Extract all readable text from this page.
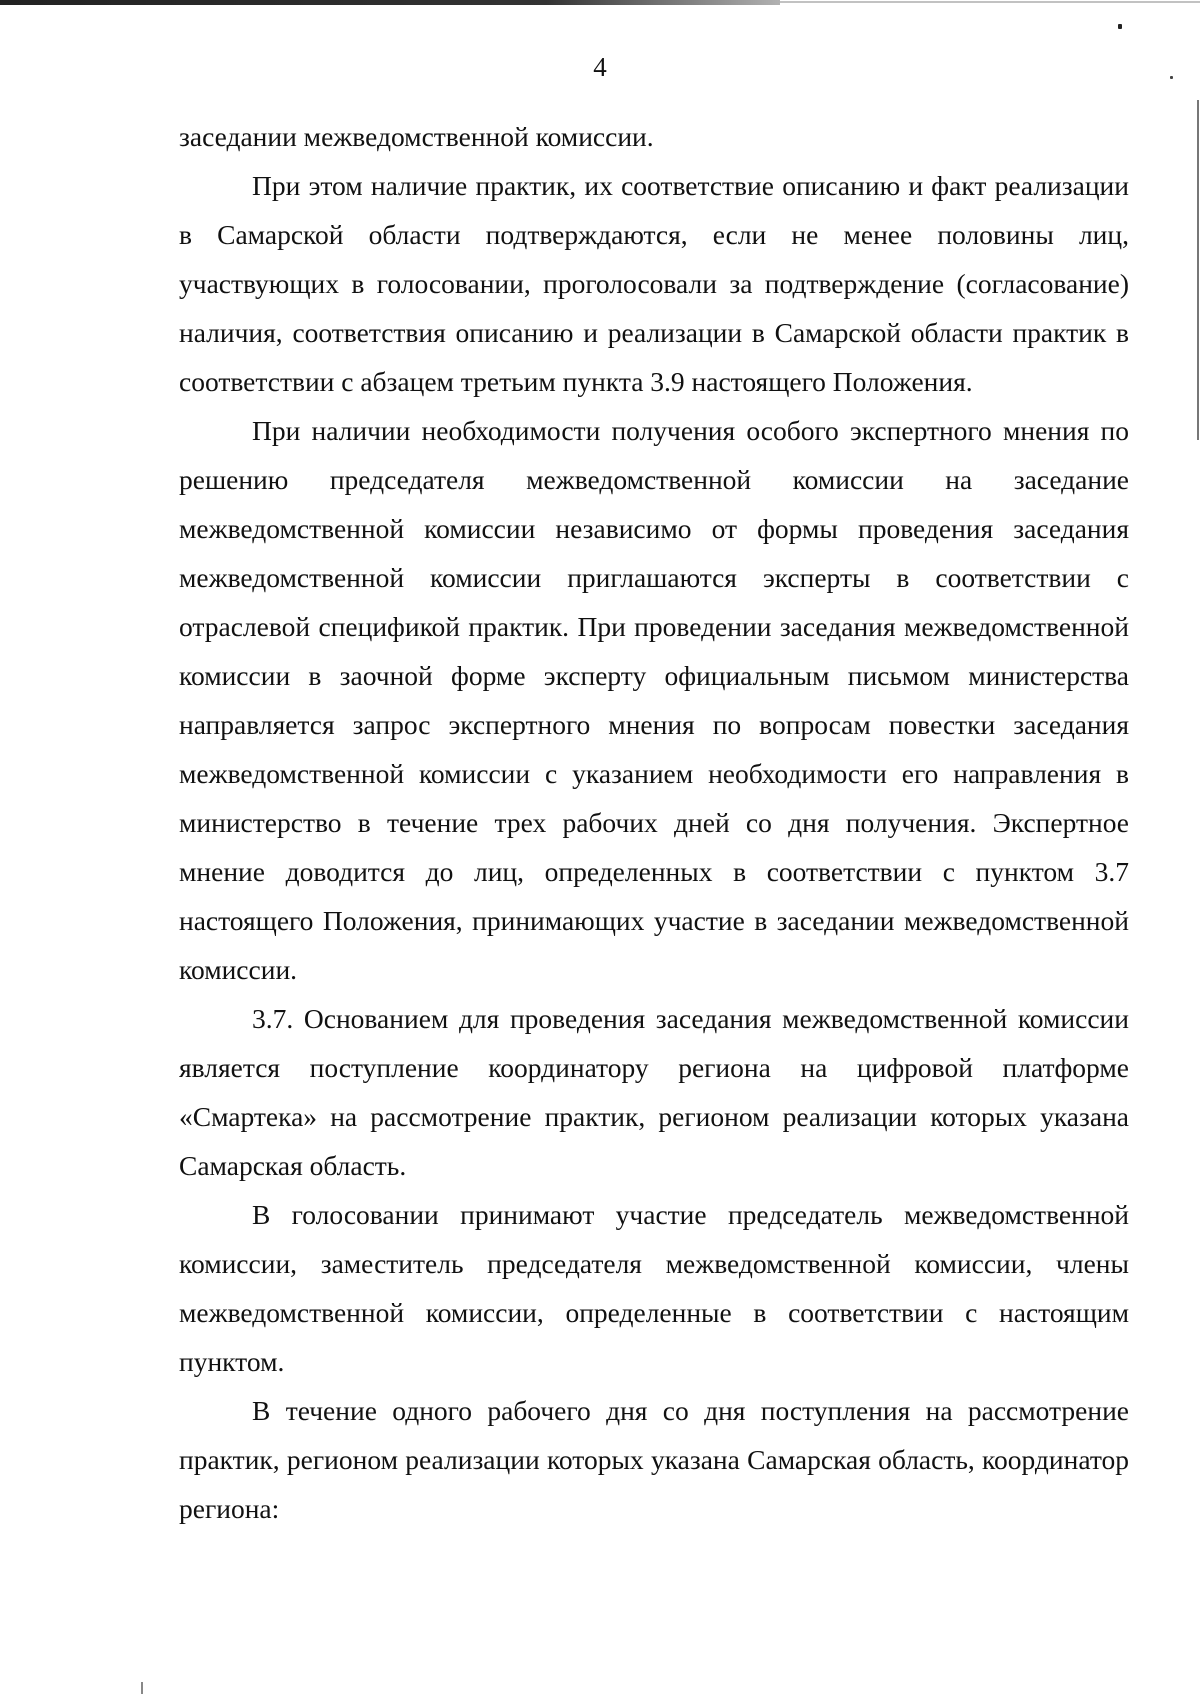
4

заседании межведомственной комиссии.

При этом наличие практик, их соответствие описанию и факт реализации в Самарской области подтверждаются, если не менее половины лиц, участвующих в голосовании, проголосовали за подтверждение (согласование) наличия, соответствия описанию и реализации в Самарской области практик в соответствии с абзацем третьим пункта 3.9 настоящего Положения.

При наличии необходимости получения особого экспертного мнения по решению председателя межведомственной комиссии на заседание межведомственной комиссии независимо от формы проведения заседания межведомственной комиссии приглашаются эксперты в соответствии с отраслевой спецификой практик. При проведении заседания межведомственной комиссии в заочной форме эксперту официальным письмом министерства направляется запрос экспертного мнения по вопросам повестки заседания межведомственной комиссии с указанием необходимости его направления в министерство в течение трех рабочих дней со дня получения. Экспертное мнение доводится до лиц, определенных в соответствии с пунктом 3.7 настоящего Положения, принимающих участие в заседании межведомственной комиссии.

3.7. Основанием для проведения заседания межведомственной комиссии является поступление координатору региона на цифровой платформе «Смартека» на рассмотрение практик, регионом реализации которых указана Самарская область.

В голосовании принимают участие председатель межведомственной комиссии, заместитель председателя межведомственной комиссии, члены межведомственной комиссии, определенные в соответствии с настоящим пунктом.

В течение одного рабочего дня со дня поступления на рассмотрение практик, регионом реализации которых указана Самарская область, координатор региона:
